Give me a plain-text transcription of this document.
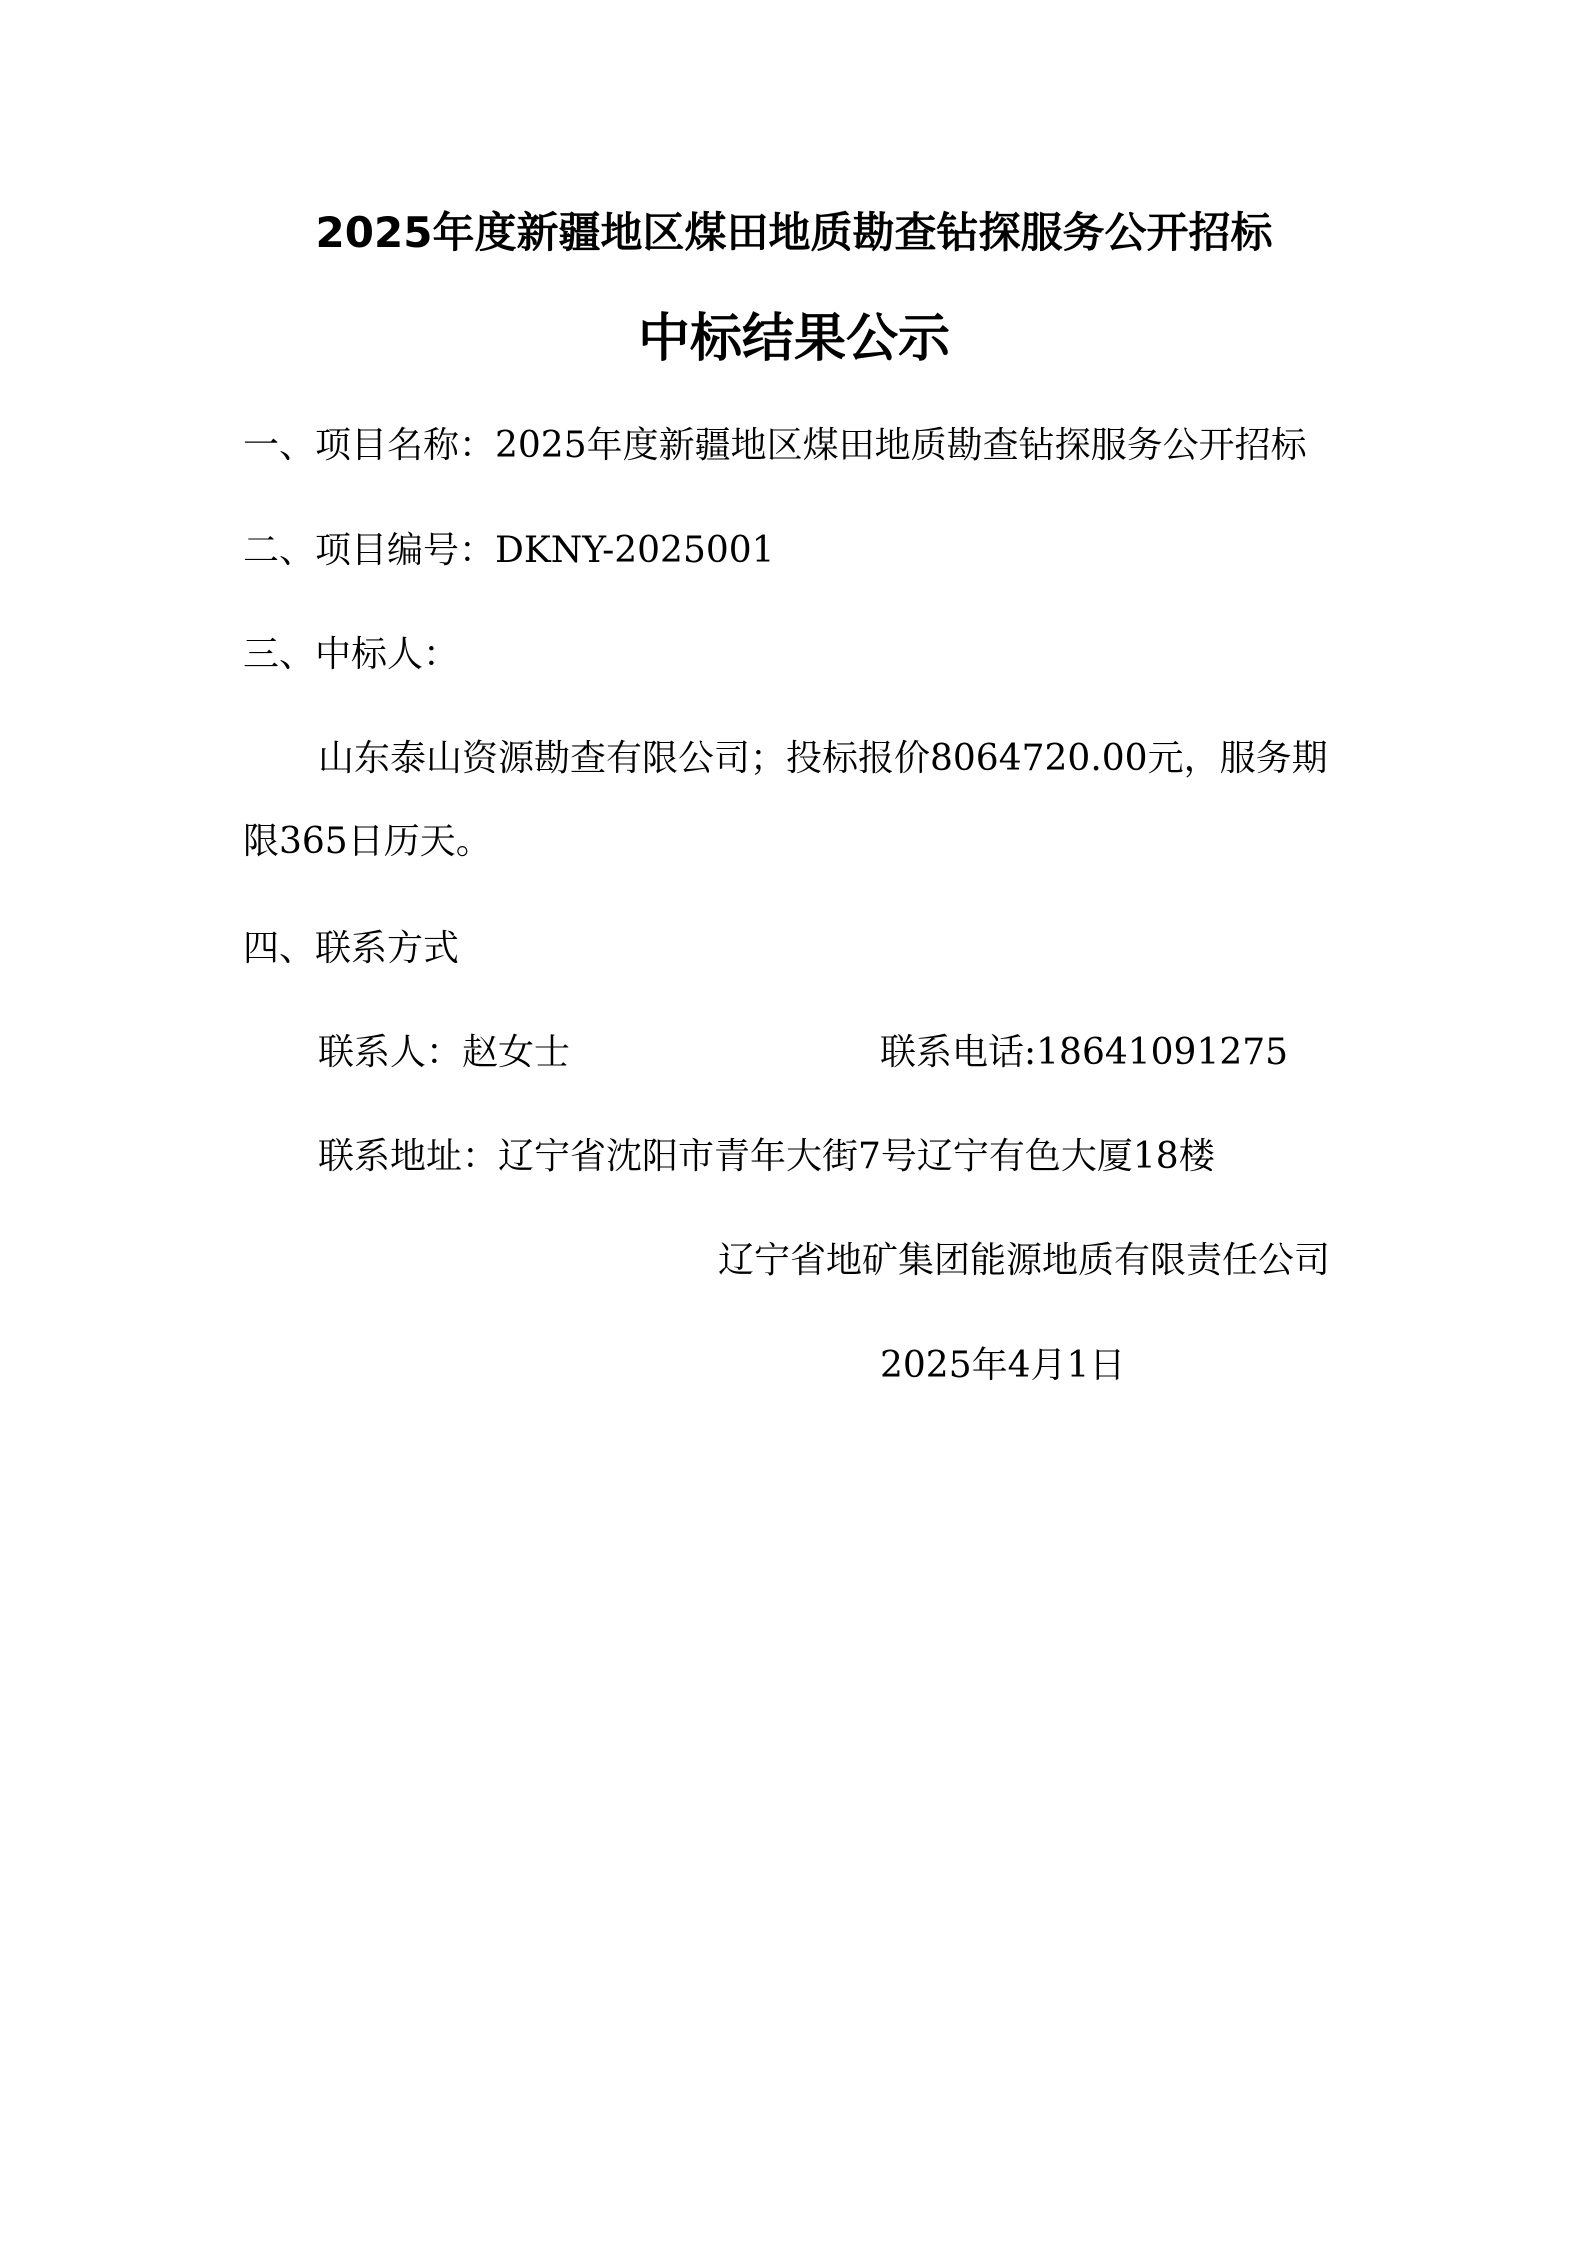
2025年度新疆地区煤田地质勘查钻探服务公开招标
中标结果公示
一、项目名称：2025年度新疆地区煤田地质勘查钻探服务公开招标
二、项目编号：DKNY-2025001
三、中标人：
山东泰山资源勘查有限公司；投标报价8064720.00元，服务期
限365日历天。
四、联系方式
联系人：赵女士	联系电话:18641091275
联系地址：辽宁省沈阳市青年大街7号辽宁有色大厦18楼
辽宁省地矿集团能源地质有限责任公司
2025年4月1日
